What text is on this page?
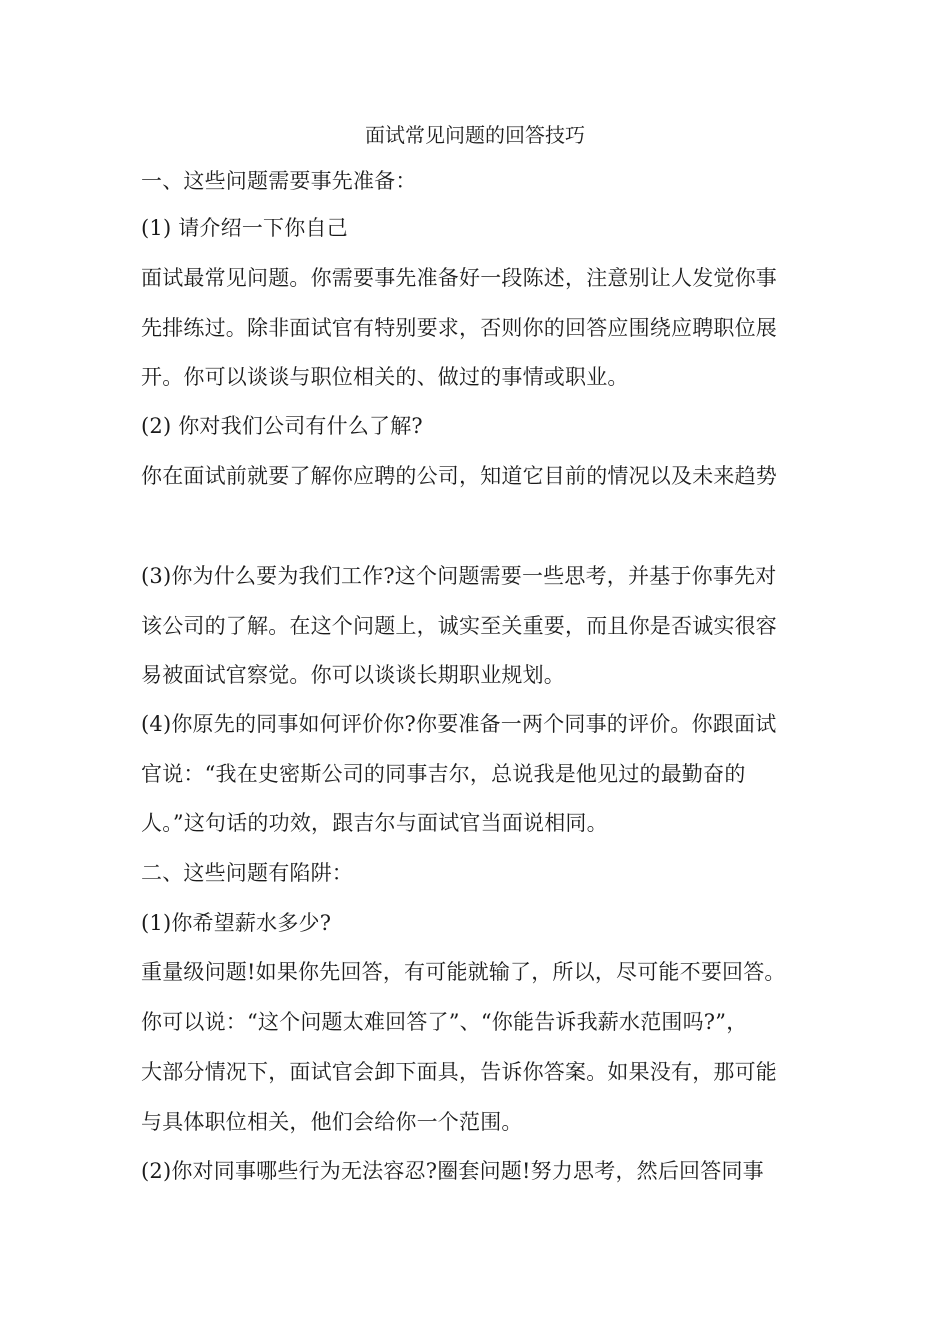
面试常见问题的回答技巧
一、这些问题需要事先准备：
(1) 请介绍一下你自己
面试最常见问题。你需要事先准备好一段陈述，注意别让人发觉你事
先排练过。除非面试官有特别要求，否则你的回答应围绕应聘职位展
开。你可以谈谈与职位相关的、做过的事情或职业。
(2) 你对我们公司有什么了解?
你在面试前就要了解你应聘的公司，知道它目前的情况以及未来趋势
(3)你为什么要为我们工作?这个问题需要一些思考，并基于你事先对
该公司的了解。在这个问题上，诚实至关重要，而且你是否诚实很容
易被面试官察觉。你可以谈谈长期职业规划。
(4)你原先的同事如何评价你?你要准备一两个同事的评价。你跟面试
官说：“我在史密斯公司的同事吉尔，总说我是他见过的最勤奋的
人。”这句话的功效，跟吉尔与面试官当面说相同。
二、这些问题有陷阱：
(1)你希望薪水多少?
重量级问题!如果你先回答，有可能就输了，所以，尽可能不要回答。
你可以说：“这个问题太难回答了”、“你能告诉我薪水范围吗?”，
大部分情况下，面试官会卸下面具，告诉你答案。如果没有，那可能
与具体职位相关，他们会给你一个范围。
(2)你对同事哪些行为无法容忍?圈套问题!努力思考，然后回答同事
